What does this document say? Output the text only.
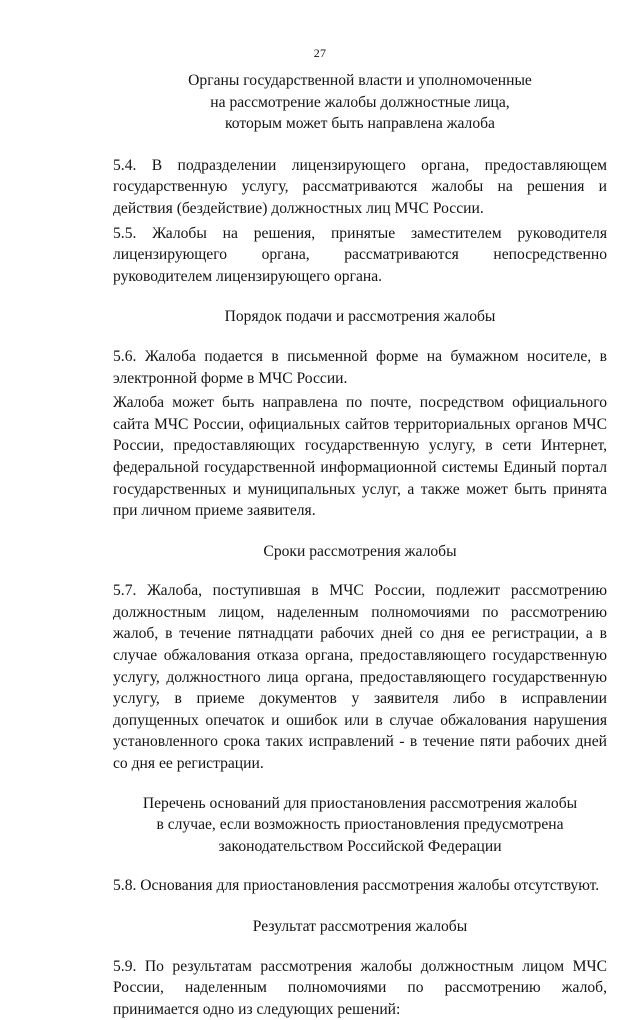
27
Органы государственной власти и уполномоченные
на рассмотрение жалобы должностные лица,
которым может быть направлена жалоба

5.4. В подразделении лицензирующего органа, предоставляющем государственную услугу, рассматриваются жалобы на решения и действия (бездействие) должностных лиц МЧС России.

5.5. Жалобы на решения, принятые заместителем руководителя лицензирующего органа, рассматриваются непосредственно руководителем лицензирующего органа.

Порядок подачи и рассмотрения жалобы

5.6. Жалоба подается в письменной форме на бумажном носителе, в электронной форме в МЧС России.

Жалоба может быть направлена по почте, посредством официального сайта МЧС России, официальных сайтов территориальных органов МЧС России, предоставляющих государственную услугу, в сети Интернет, федеральной государственной информационной системы Единый портал государственных и муниципальных услуг, а также может быть принята при личном приеме заявителя.

Сроки рассмотрения жалобы

5.7. Жалоба, поступившая в МЧС России, подлежит рассмотрению должностным лицом, наделенным полномочиями по рассмотрению жалоб, в течение пятнадцати рабочих дней со дня ее регистрации, а в случае обжалования отказа органа, предоставляющего государственную услугу, должностного лица органа, предоставляющего государственную услугу, в приеме документов у заявителя либо в исправлении допущенных опечаток и ошибок или в случае обжалования нарушения установленного срока таких исправлений - в течение пяти рабочих дней со дня ее регистрации.

Перечень оснований для приостановления рассмотрения жалобы
в случае, если возможность приостановления предусмотрена
законодательством Российской Федерации

5.8. Основания для приостановления рассмотрения жалобы отсутствуют.

Результат рассмотрения жалобы

5.9. По результатам рассмотрения жалобы должностным лицом МЧС России, наделенным полномочиями по рассмотрению жалоб, принимается одно из следующих решений:
